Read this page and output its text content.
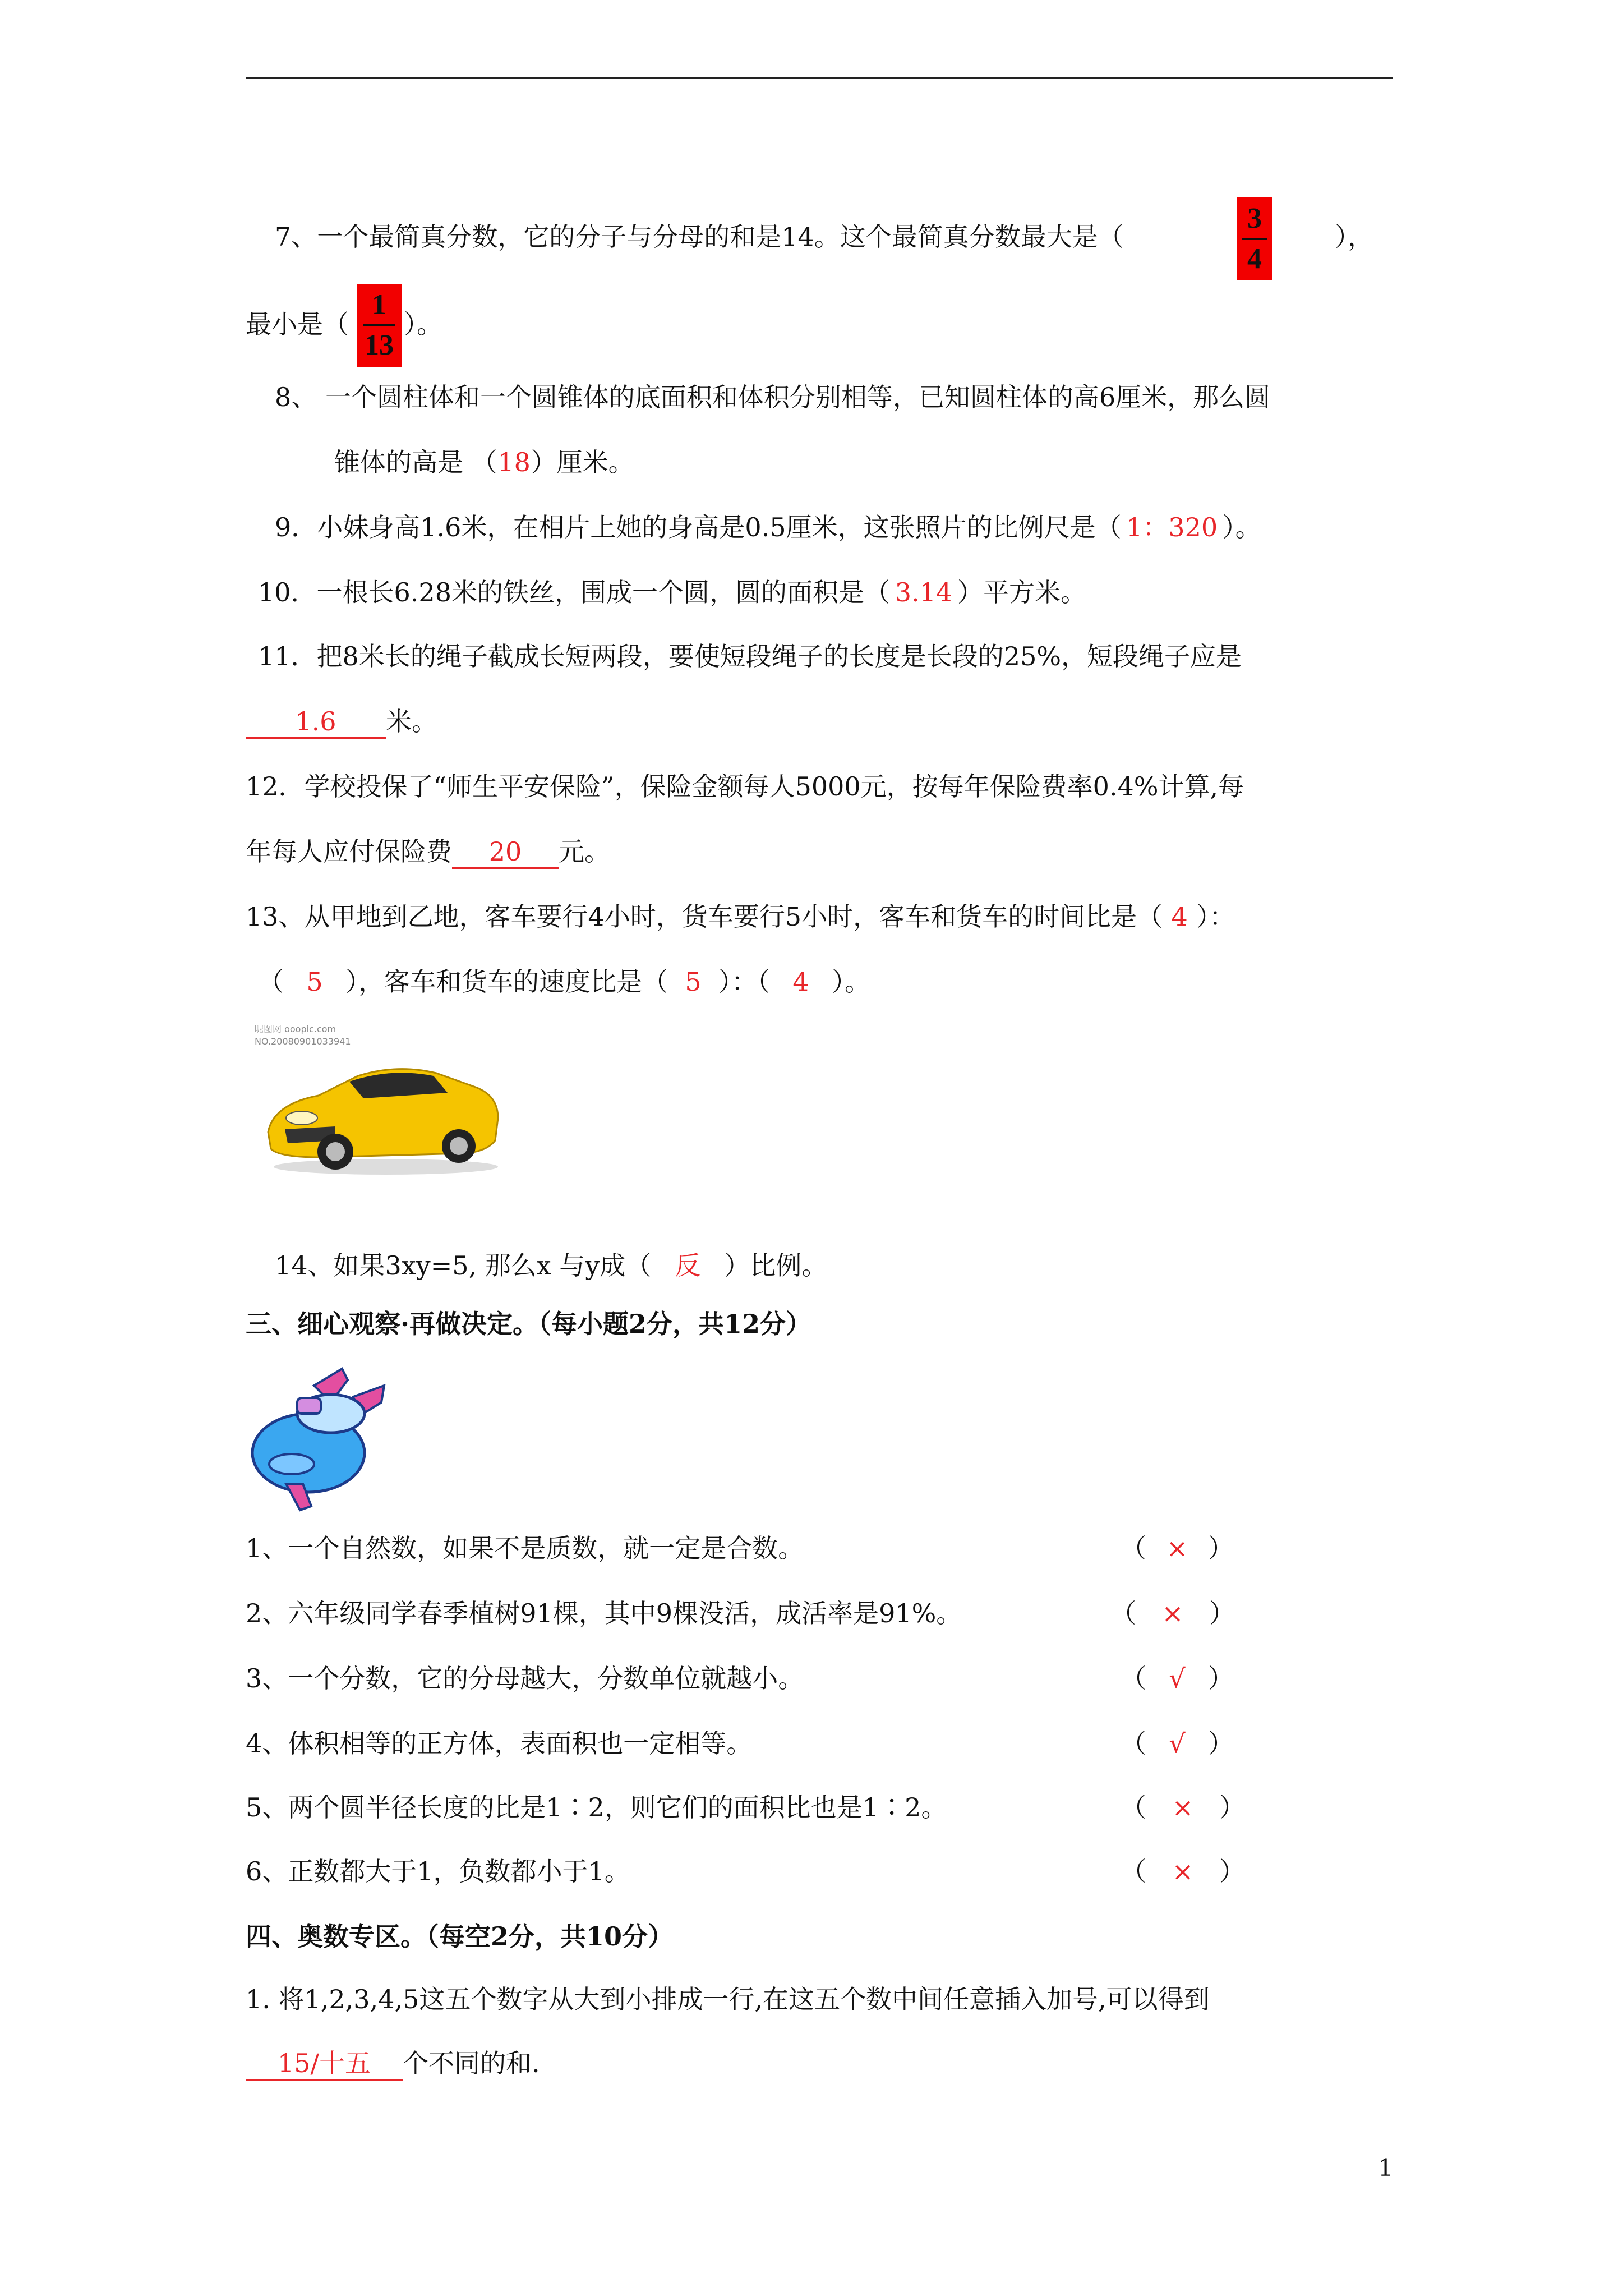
7、一个最简真分数，它的分子与分母的和是14。这个最简真分数最大是（
3
4
），
最小是（
1
13
）。
8、 一个圆柱体和一个圆锥体的底面积和体积分别相等，已知圆柱体的高6厘米，那么圆
锥体的高是 （18）厘米。
9．小妹身高1.6米，在相片上她的身高是0.5厘米，这张照片的比例尺是（ 1：320 ）。
10．一根长6.28米的铁丝，围成一个圆，圆的面积是（ 3.14 ）平方米。
11．把8米长的绳子截成长短两段，要使短段绳子的长度是长段的25%，短段绳子应是
1.6 米。
12．学校投保了“师生平安保险”，保险金额每人5000元，按每年保险费率0.4%计算,每
年每人应付保险费 20 元。
13、从甲地到乙地，客车要行4小时，货车要行5小时，客车和货车的时间比是（ 4 ）：
（ 5 ），客车和货车的速度比是（ 5 ）：（ 4 ）。
昵图网 ooopic.com
NO.20080901033941
14、如果3xy=5, 那么x 与y成（ 反 ）比例。
三、细心观察·再做决定。（每小题2分，共12分）
1、一个自然数，如果不是质数，就一定是合数。	（ × ）
2、六年级同学春季植树91棵，其中9棵没活，成活率是91%。	（ × ）
3、一个分数，它的分母越大，分数单位就越小。	（ √ ）
4、体积相等的正方体，表面积也一定相等。	（ √ ）
5、两个圆半径长度的比是1∶2，则它们的面积比也是1∶2。	（ × ）
6、正数都大于1，负数都小于1。	（ × ）
四、奥数专区。（每空2分，共10分）
1. 将1,2,3,4,5这五个数字从大到小排成一行,在这五个数中间任意插入加号,可以得到
15/十五 个不同的和.
1
